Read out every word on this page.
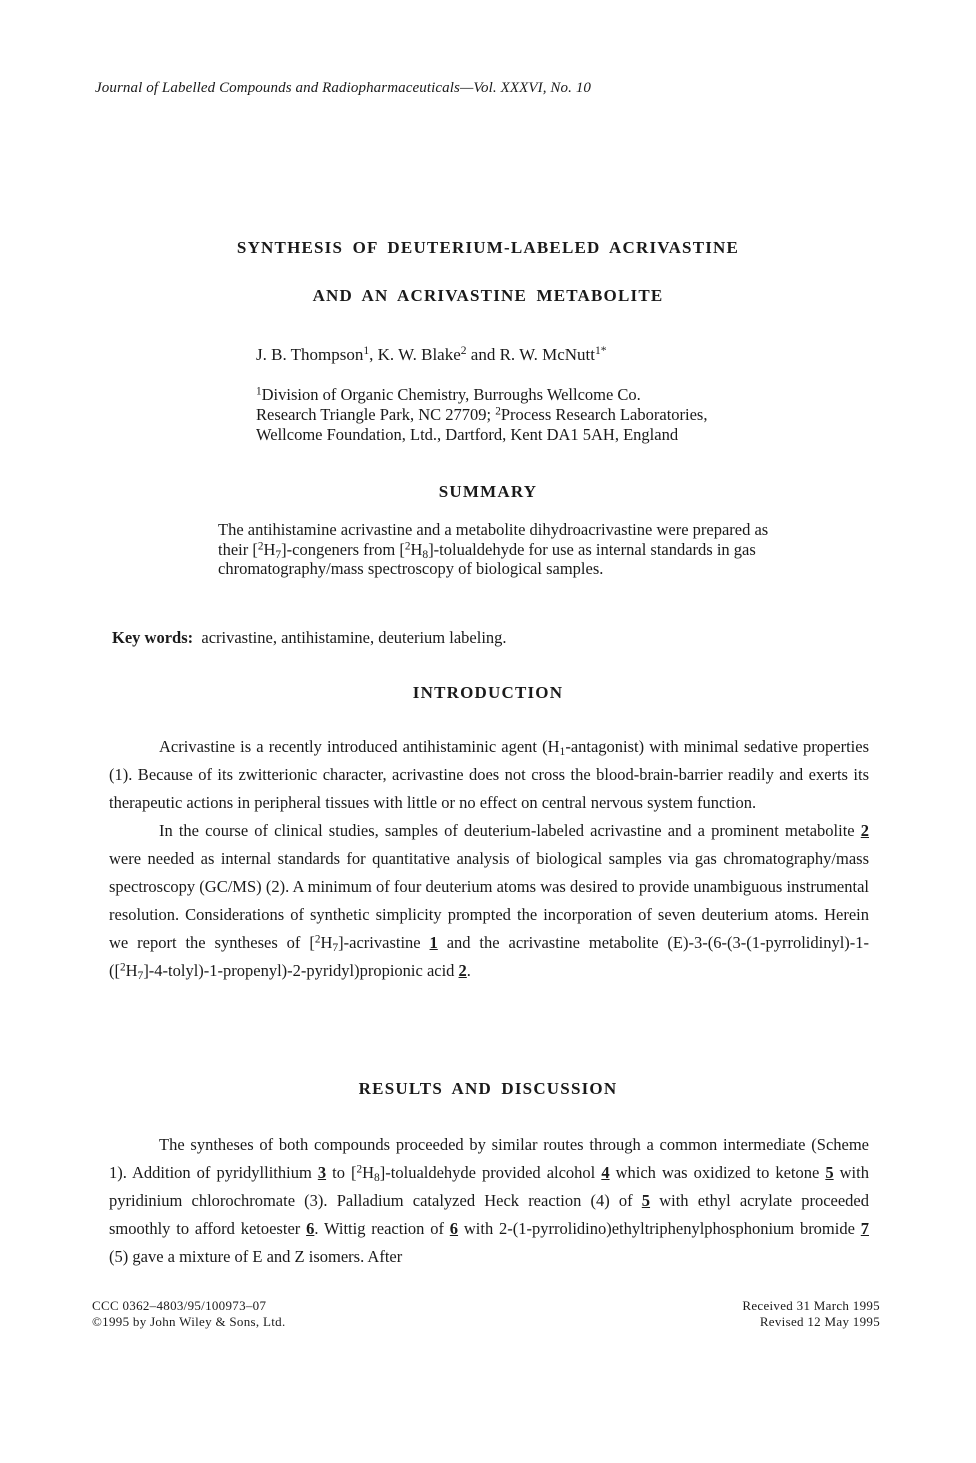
Journal of Labelled Compounds and Radiopharmaceuticals—Vol. XXXVI, No. 10
SYNTHESIS OF DEUTERIUM-LABELED ACRIVASTINE
AND AN ACRIVASTINE METABOLITE
J. B. Thompson$^1$, K. W. Blake$^2$ and R. W. McNutt$^{1*}$
$^1$Division of Organic Chemistry, Burroughs Wellcome Co.
Research Triangle Park, NC 27709; $^2$Process Research Laboratories,
Wellcome Foundation, Ltd., Dartford, Kent DA1 5AH, England
SUMMARY
The antihistamine acrivastine and a metabolite dihydroacrivastine were prepared as their $[^2H_7]$-congeners from $[^2H_8]$-tolualdehyde for use as internal standards in gas chromatography/mass spectroscopy of biological samples.
Key words: acrivastine, antihistamine, deuterium labeling.
INTRODUCTION

Acrivastine is a recently introduced antihistaminic agent $(H_1-antagonist)$ with minimal sedative properties (1). Because of its zwitterionic character, acrivastine does not cross the blood-brain-barrier readily and exerts its therapeutic actions in peripheral tissues with little or no effect on central nervous system function.

In the course of clinical studies, samples of deuterium-labeled acrivastine and a prominent metabolite 2 were needed as internal standards for quantitative analysis of biological samples via gas chromatography/mass spectroscopy (GC/MS) (2). A minimum of four deuterium atoms was desired to provide unambiguous instrumental resolution. Considerations of synthetic simplicity prompted the incorporation of seven deuterium atoms. Herein we report the syntheses of $[^2H_7]$-acrivastine 1 and the acrivastine metabolite $(E)-3-(6-(3-(1-pyrrolidinyl)-1-([^2H_7]-4-tolyl)-1-propenyl)-2-pyridyl)propionic$ acid 2.

RESULTS AND DISCUSSION

The syntheses of both compounds proceeded by similar routes through a common intermediate (Scheme 1). Addition of pyridyllithium 3 to $[^2H_8]$-tolualdehyde provided alcohol 4 which was oxidized to ketone 5 with pyridinium chlorochromate (3). Palladium catalyzed Heck reaction (4) of 5 with ethyl acrylate proceeded smoothly to afford ketoester 6. Wittig reaction of 6 with 2-(1-pyrrolidino)ethyltriphenylphosphonium bromide 7 (5) gave a mixture of E and Z isomers. After

CCC 0362–4803/95/100973–07
©1995 by John Wiley & Sons, Ltd.
Received 31 March 1995
Revised 12 May 1995
